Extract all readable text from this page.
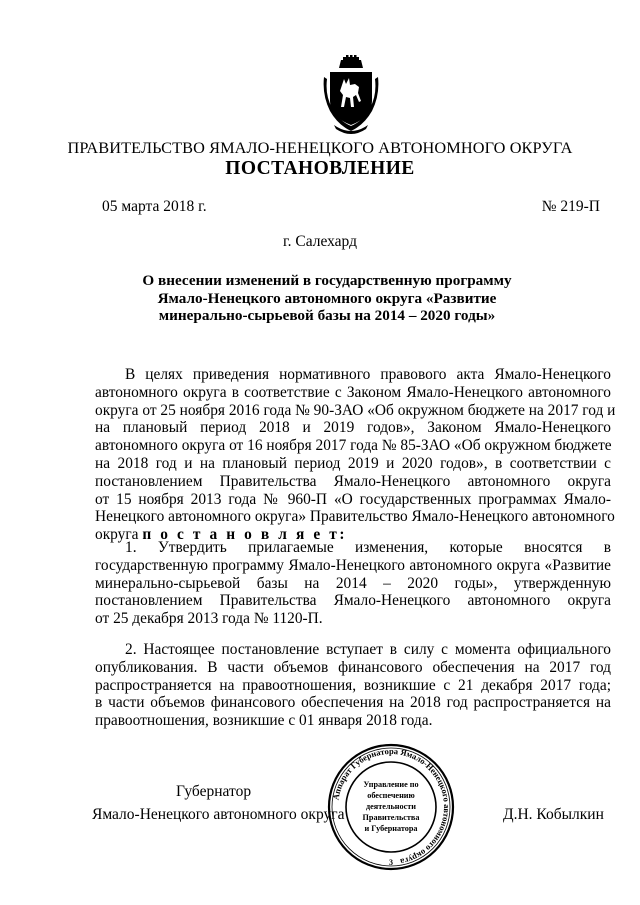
ПРАВИТЕЛЬСТВО ЯМАЛО-НЕНЕЦКОГО АВТОНОМНОГО ОКРУГА
ПОСТАНОВЛЕНИЕ
05 марта 2018 г.	№ 219-П
г. Салехард
О внесении изменений в государственную программу
Ямало-Ненецкого автономного округа «Развитие
минерально-сырьевой базы на 2014 – 2020 годы»
В целях приведения нормативного правового акта Ямало-Ненецкого
автономного округа в соответствие с Законом Ямало-Ненецкого автономного
округа от 25 ноября 2016 года № 90-ЗАО «Об окружном бюджете на 2017 год и
на плановый период 2018 и 2019 годов», Законом Ямало-Ненецкого
автономного округа от 16 ноября 2017 года № 85-ЗАО «Об окружном бюджете
на 2018 год и на плановый период 2019 и 2020 годов», в соответствии с
постановлением Правительства Ямало-Ненецкого автономного округа
от 15 ноября 2013 года № 960-П «О государственных программах Ямало-
Ненецкого автономного округа» Правительство Ямало-Ненецкого автономного
округа п о с т а н о в л я е т:
1. Утвердить прилагаемые изменения, которые вносятся в
государственную программу Ямало-Ненецкого автономного округа «Развитие
минерально-сырьевой базы на 2014 – 2020 годы», утвержденную
постановлением Правительства Ямало-Ненецкого автономного округа
от 25 декабря 2013 года № 1120-П.
2. Настоящее постановление вступает в силу с момента официального
опубликования. В части объемов финансового обеспечения на 2017 год
распространяется на правоотношения, возникшие с 21 декабря 2017 года;
в части объемов финансового обеспечения на 2018 год распространяется на
правоотношения, возникшие с 01 января 2018 года.
Губернатор
Ямало-Ненецкого автономного округа	Д.Н. Кобылкин
Аппарат Губернатора Ямало-Ненецкого автономного округа
3
Управление по
обеспечению
деятельности
Правительства
и Губернатора
